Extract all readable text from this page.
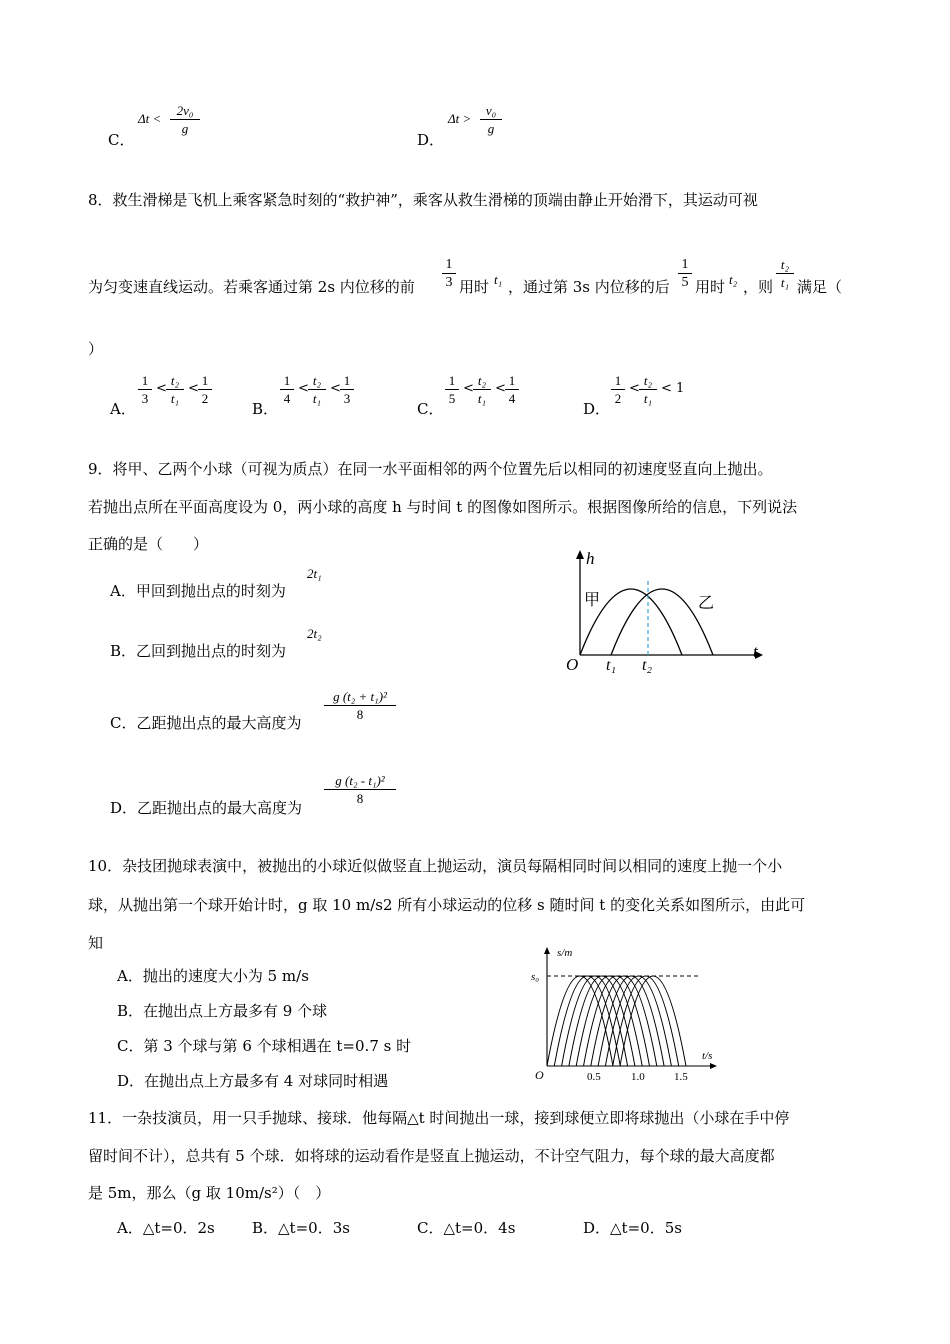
C．
$\Delta t < \frac{\text{2v₀}}{g}$
D．
$\Delta t > \frac{\text{v₀}}{g}$
8．救生滑梯是飞机上乘客紧急时刻的“救护神”，乘客从救生滑梯的顶端由静止开始滑下，其运动可视
为匀变速直线运动。若乘客通过第 2s 内位移的前 $\frac{1}{3}$ 用时 t₁ ，通过第 3s 内位移的后 $\frac{1}{5}$ 用时 t₂ ，则 $\frac{\text{t₂}}{\text{t₁}}$ 满足（
）
A．
$\frac{1}{3} < \frac{\text{t₂}}{\text{t₁}} < \frac{1}{2}$
B．
$\frac{1}{4} < \frac{\text{t₂}}{\text{t₁}} < \frac{1}{3}$
C．
$\frac{1}{5} < \frac{\text{t₂}}{\text{t₁}} < \frac{1}{4}$
D．
$\frac{1}{2} < \frac{\text{t₂}}{\text{t₁}} < 1$
9．将甲、乙两个小球（可视为质点）在同一水平面相邻的两个位置先后以相同的初速度竖直向上抛出。
若抛出点所在平面高度设为 0，两小球的高度 h 与时间 t 的图像如图所示。根据图像所给的信息，下列说法
正确的是（　　）
A．甲回到抛出点的时刻为
2t₁
B．乙回到抛出点的时刻为
2t₂
C．乙距抛出点的最大高度为 $\frac{\text{g (t₂ + t₁)²}}{8}$
D．乙距抛出点的最大高度为
$\frac{\text{g (t₂ - t₁)²}}{8}$
h
t
O t₁ t₂
甲	乙
10．杂技团抛球表演中，被抛出的小球近似做竖直上抛运动，演员每隔相同时间以相同的速度上抛一个小
球，从抛出第一个球开始计时，g 取 10 m/s2 所有小球运动的位移 s 随时间 t 的变化关系如图所示，由此可
知
A．抛出的速度大小为 5 m/s
B．在抛出点上方最多有 9 个球
C．第 3 个球与第 6 个球相遇在 t=0.7 s 时
D．在抛出点上方最多有 4 对球同时相遇
s/m
t/s
O
s₀
0.5	1.0	1.5
11．一杂技演员，用一只手抛球、接球．他每隔△t 时间抛出一球，接到球便立即将球抛出（小球在手中停
留时间不计），总共有 5 个球．如将球的运动看作是竖直上抛运动，不计空气阻力，每个球的最大高度都
是 5m，那么（g 取 10m/s²）（　）
A．△t=0．2s B．△t=0．3s	C．△t=0．4s	D．△t=0．5s
